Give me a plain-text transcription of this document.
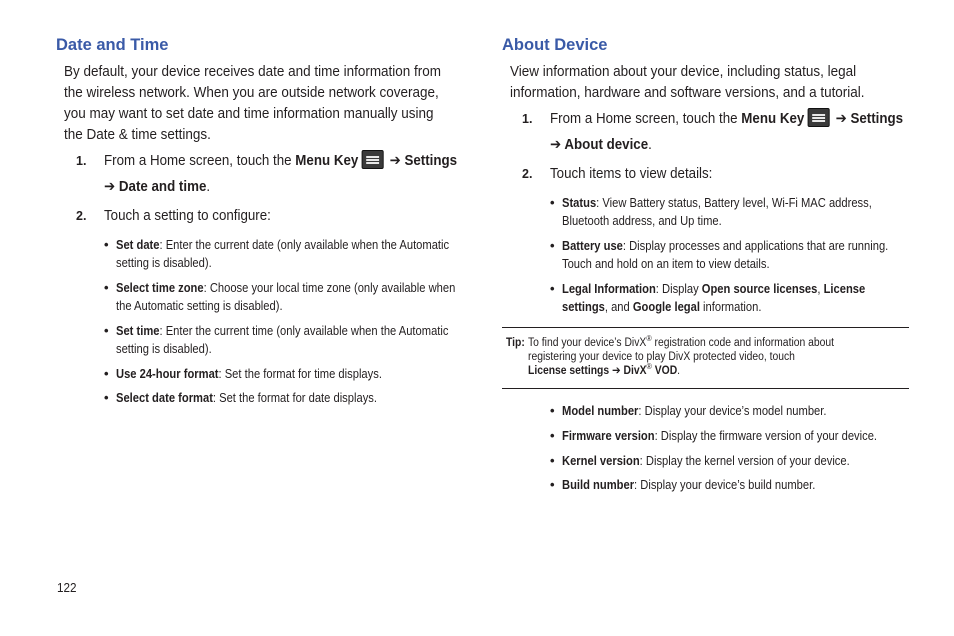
Date and Time

By default, your device receives date and time information from
the wireless network. When you are outside network coverage,
you may want to set date and time information manually using
the Date & time settings.

1. From a Home screen, touch the Menu Key ➔ Settings
➔ Date and time.
2. Touch a setting to configure:
• Set date: Enter the current date (only available when the Automatic
setting is disabled).
• Select time zone: Choose your local time zone (only available when
the Automatic setting is disabled).
• Set time: Enter the current time (only available when the Automatic
setting is disabled).
• Use 24-hour format: Set the format for time displays.
• Select date format: Set the format for date displays.
About Device

View information about your device, including status, legal
information, hardware and software versions, and a tutorial.

1. From a Home screen, touch the Menu Key ➔ Settings
➔ About device.
2. Touch items to view details:
• Status: View Battery status, Battery level, Wi-Fi MAC address,
Bluetooth address, and Up time.
• Battery use: Display processes and applications that are running.
Touch and hold on an item to view details.
• Legal Information: Display Open source licenses, License
settings, and Google legal information.
• Model number: Display your device’s model number.
• Firmware version: Display the firmware version of your device.
• Kernel version: Display the kernel version of your device.
• Build number: Display your device’s build number.
Tip: To find your device’s DivX® registration code and information about
registering your device to play DivX protected video, touch
License settings ➔ DivX® VOD.
122
